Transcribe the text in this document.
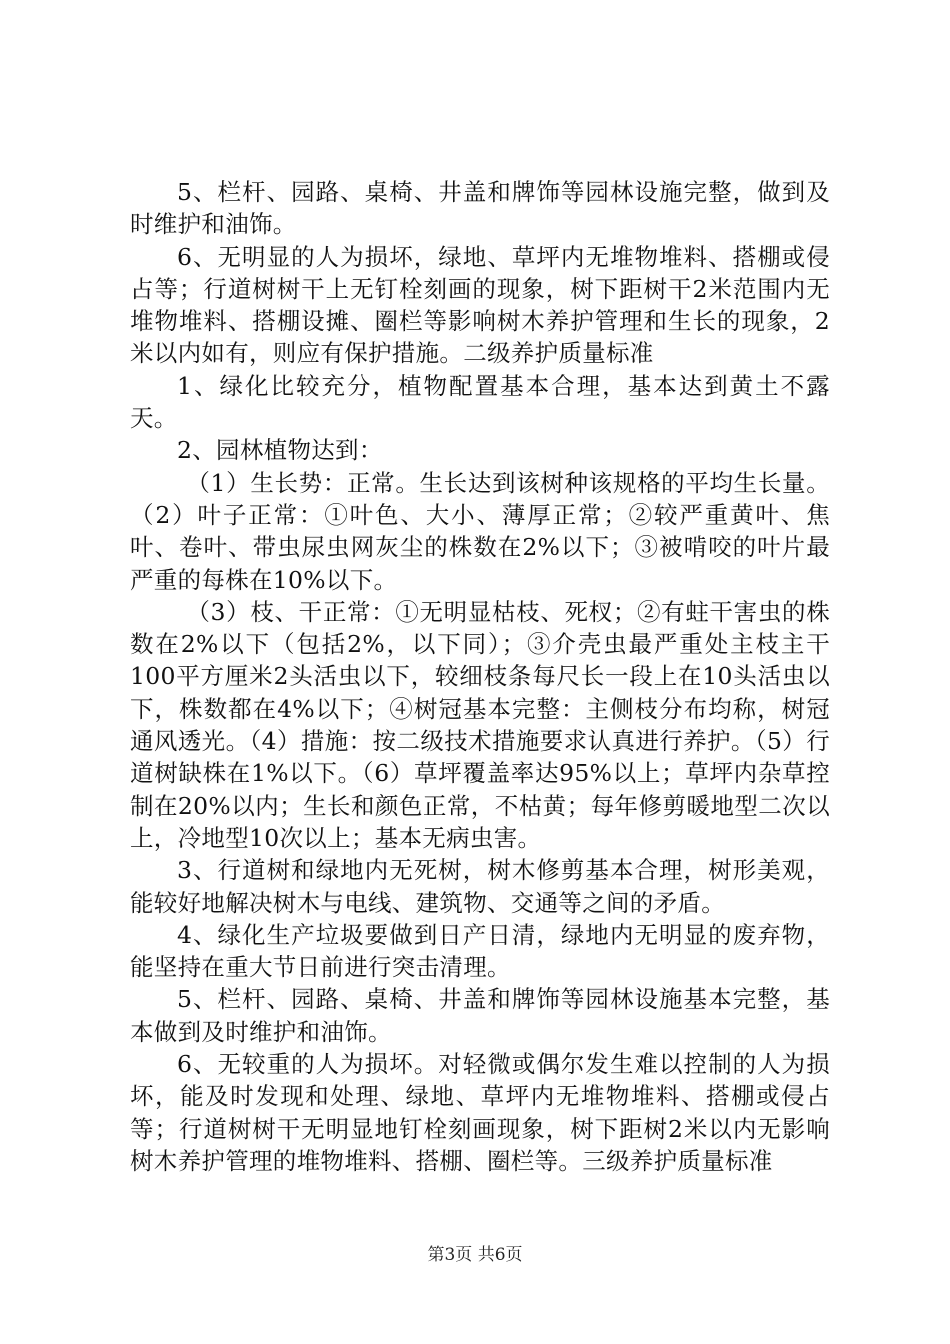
5、栏杆、园路、桌椅、井盖和牌饰等园林设施完整，做到及时维护和油饰。

6、无明显的人为损坏，绿地、草坪内无堆物堆料、搭棚或侵占等；行道树树干上无钉栓刻画的现象，树下距树干2米范围内无堆物堆料、搭棚设摊、圈栏等影响树木养护管理和生长的现象，2米以内如有，则应有保护措施。二级养护质量标准

1、绿化比较充分，植物配置基本合理，基本达到黄土不露天。

2、园林植物达到：

（1）生长势：正常。生长达到该树种该规格的平均生长量。（2）叶子正常：①叶色、大小、薄厚正常；②较严重黄叶、焦叶、卷叶、带虫尿虫网灰尘的株数在2%以下；③被啃咬的叶片最严重的每株在10%以下。

（3）枝、干正常：①无明显枯枝、死杈；②有蛀干害虫的株数在2%以下（包括2%，以下同）；③介壳虫最严重处主枝主干100平方厘米2头活虫以下，较细枝条每尺长一段上在10头活虫以下，株数都在4%以下；④树冠基本完整：主侧枝分布均称，树冠通风透光。（4）措施：按二级技术措施要求认真进行养护。（5）行道树缺株在1%以下。（6）草坪覆盖率达95%以上；草坪内杂草控制在20%以内；生长和颜色正常，不枯黄；每年修剪暖地型二次以上，冷地型10次以上；基本无病虫害。

3、行道树和绿地内无死树，树木修剪基本合理，树形美观，能较好地解决树木与电线、建筑物、交通等之间的矛盾。

4、绿化生产垃圾要做到日产日清，绿地内无明显的废弃物，能坚持在重大节日前进行突击清理。

5、栏杆、园路、桌椅、井盖和牌饰等园林设施基本完整，基本做到及时维护和油饰。

6、无较重的人为损坏。对轻微或偶尔发生难以控制的人为损坏，能及时发现和处理、绿地、草坪内无堆物堆料、搭棚或侵占等；行道树树干无明显地钉栓刻画现象，树下距树2米以内无影响树木养护管理的堆物堆料、搭棚、圈栏等。三级养护质量标准

第3页 共6页
